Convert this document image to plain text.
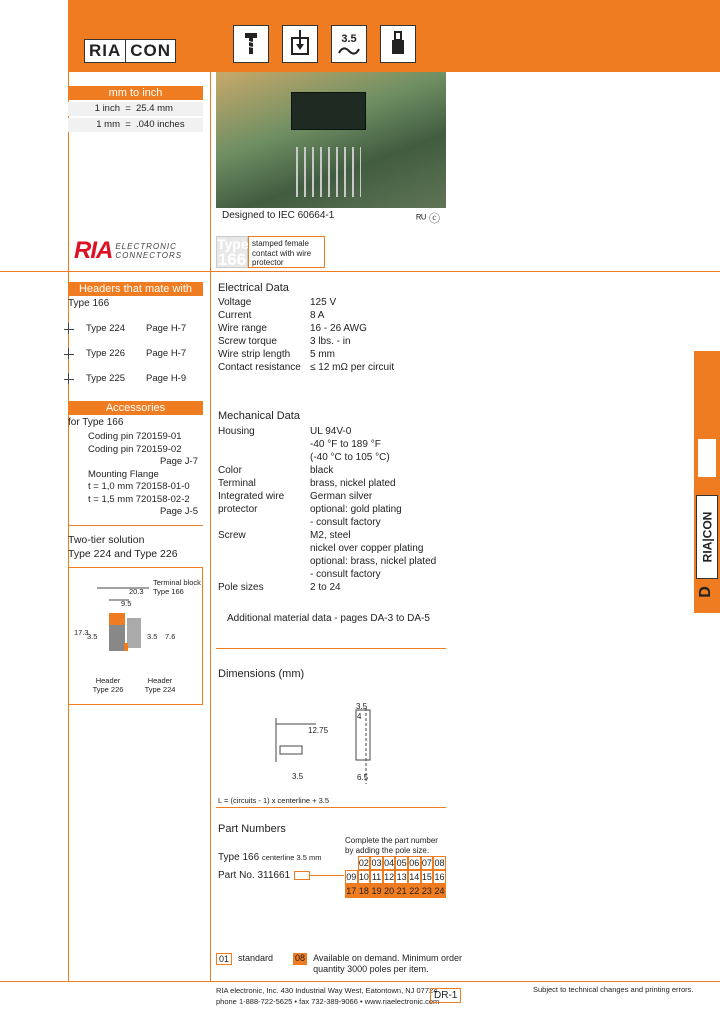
RIA CON
3.5
mm to inch
1 inch = 25.4 mm
1 mm = .040 inches
Designed to IEC 60664-1	ᴿᵁ ⓒ
RIA ELECTRONIC
CONNECTORS
Type
166
stamped female contact with wire protector
Headers that mate with
Type 166
Type 224	Page H-7
Type 226	Page H-7
Type 225	Page H-9
Accessories
for Type 166
Coding pin 720159-01
Coding pin 720159-02
Page J-7
Mounting Flange
t = 1,0 mm 720158-01-0
t = 1,5 mm 720158-02-2
Page J-5
Two-tier solution
Type 224 and Type 226
Terminal block Type 166
20.3
9.5
17.3
3.5	3.5 7.6
Header Type 226
Header Type 224
Electrical Data
Voltage	125 V
Current	8 A
Wire range	16 - 26 AWG
Screw torque	3 lbs. - in
Wire strip length	5 mm
Contact resistance ≤ 12 mΩ per circuit
Mechanical Data
Housing	UL 94V-0
-40 °F to 189 °F
(-40 °C to 105 °C)
Color	black
Terminal	brass, nickel plated
Integrated wire	German silver
protector	optional: gold plating
- consult factory
Screw	M2, steel
nickel over copper plating
optional: brass, nickel plated
- consult factory
Pole sizes	2 to 24
Additional material data - pages DA-3 to DA-5
Dimensions (mm)
3.5
3.5
4
6.5
12.75
L = (circuits - 1) x centerline + 3.5
Part Numbers
Complete the part number
by adding the pole size.
Type 166 centerline 3.5 mm
Part No. 311661
02 03 04 05 06 07 08
09 10 11 12 13 14 15 16
17 18 19 20 21 22 23 24
01	standard 08 Available on demand. Minimum order
quantity 3000 poles per item.
RIA|CON
D
RIA electronic, Inc. 430 Industrial Way West, Eatontown, NJ 07724
phone 1-888-722-5625 • fax 732-389-9066 • www.riaelectronic.com
DR-1
Subject to technical changes and printing errors.
